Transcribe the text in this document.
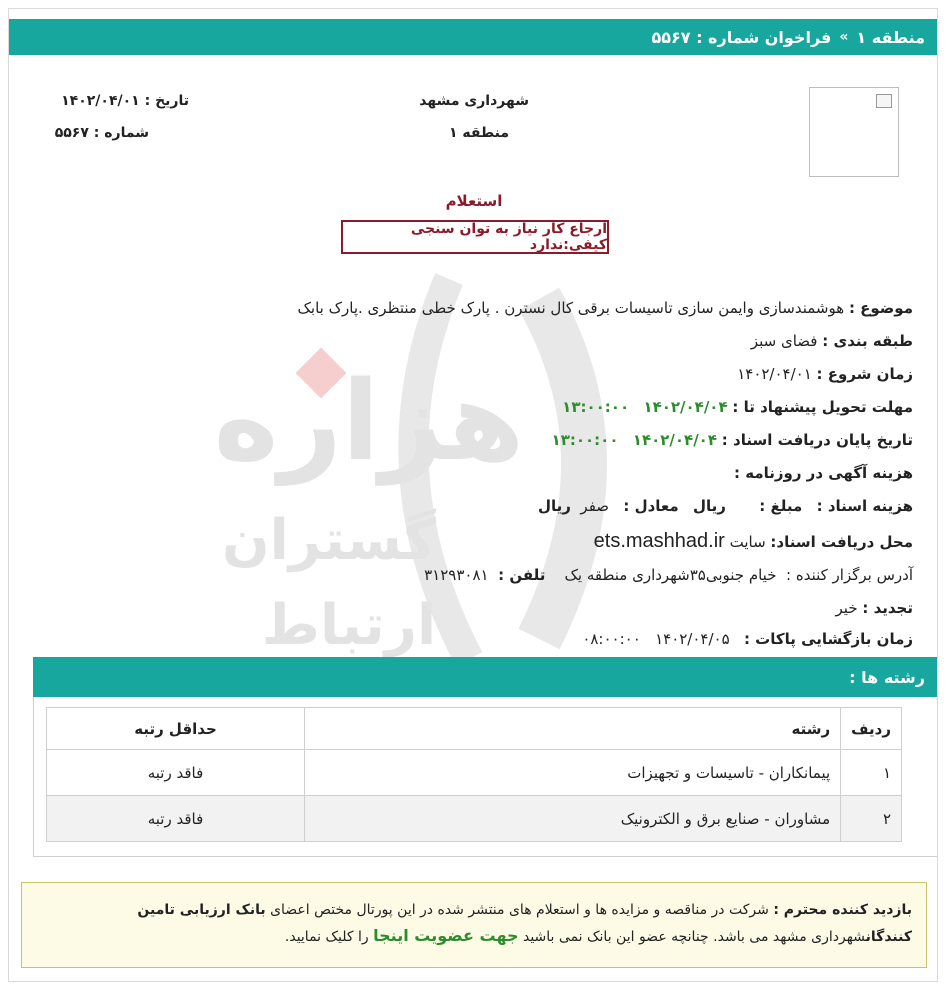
هزاره
گستران
ارتباط
منطقه ۱
»
فراخوان شماره : ۵۵۶۷
شهرداری مشهد
منطقه ۱
تاریخ : ۱۴۰۲/۰۴/۰۱
شماره : ۵۵۶۷
استعلام
ارجاع کار نیاز به توان سنجی کیفی:ندارد
موضوع : هوشمندسازی وایمن سازی تاسیسات برقی کال نسترن . پارک خطی منتظری .پارک بابک
طبقه بندی : فضای سبز
زمان شروع : ۱۴۰۲/۰۴/۰۱
مهلت تحویل پیشنهاد تا : ۱۴۰۲/۰۴/۰۴   ۱۳:۰۰:۰۰
تاریخ پایان دریافت اسناد : ۱۴۰۲/۰۴/۰۴   ۱۳:۰۰:۰۰
هزینه آگهی در روزنامه :
هزینه اسناد :   مبلغ :       ریال   معادل :   صفر  ریال
محل دریافت اسناد: سایت ets.mashhad.ir
آدرس برگزار کننده :  خیام جنوبی۳۵شهرداری منطقه یک    تلفن :  ۳۱۲۹۳۰۸۱
تجدید : خیر
زمان بازگشایی پاکات :   ۱۴۰۲/۰۴/۰۵   ۰۸:۰۰:۰۰
رشته ها :
ردیف	رشته	حداقل رتبه
۱	پیمانکاران - تاسیسات و تجهیزات	فاقد رتبه
۲	مشاوران - صنایع برق و الکترونیک	فاقد رتبه
بازدید کننده محترم : شرکت در مناقصه و مزایده ها و استعلام های منتشر شده در این پورتال مختص اعضای بانک ارزیابی تامین کنندگانشهرداری مشهد می باشد. چنانچه عضو این بانک نمی باشید جهت عضویت اینجا را کلیک نمایید.
